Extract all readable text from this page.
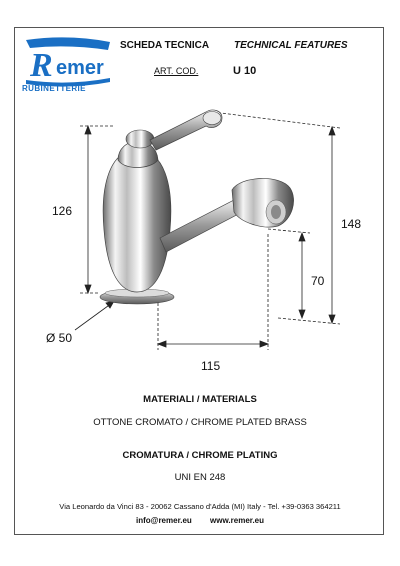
R emer
RUBINETTERIE
SCHEDA TECNICA TECHNICAL FEATURES
ART. COD.	U 10
126
148
70
Ø 50
115
MATERIALI / MATERIALS
OTTONE CROMATO / CHROME PLATED BRASS
CROMATURA / CHROME PLATING
UNI EN 248
Via Leonardo da Vinci 83 - 20062 Cassano d'Adda (MI) Italy - Tel. +39-0363 364211
info@remer.eu www.remer.eu
